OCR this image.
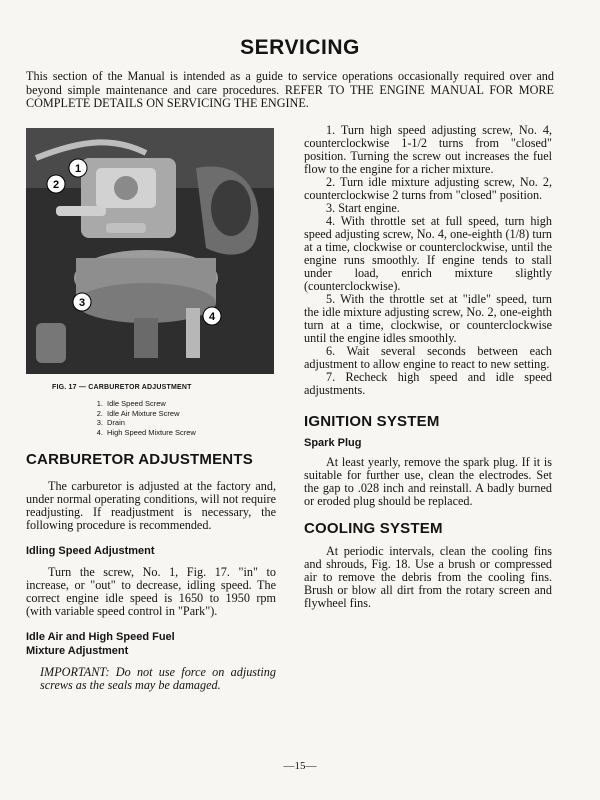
SERVICING
This section of the Manual is intended as a guide to service operations occasionally required over and beyond simple maintenance and care procedures. REFER TO THE ENGINE MANUAL FOR MORE COMPLETE DETAILS ON SERVICING THE ENGINE.
1
2
3
4
FIG. 17 — CARBURETOR ADJUSTMENT
1. Idle Speed Screw
2. Idle Air Mixture Screw
3. Drain
4. High Speed Mixture Screw
CARBURETOR ADJUSTMENTS

The carburetor is adjusted at the factory and, under normal operating conditions, will not require readjusting. If readjustment is necessary, the following procedure is recommended.

Idling Speed Adjustment

Turn the screw, No. 1, Fig. 17. "in" to increase, or "out" to decrease, idling speed. The correct engine idle speed is 1650 to 1950 rpm (with variable speed control in "Park").

Idle Air and High Speed Fuel Mixture Adjustment

IMPORTANT: Do not use force on adjusting screws as the seals may be damaged.

1. Turn high speed adjusting screw, No. 4, counterclockwise 1-1/2 turns from "closed" position. Turning the screw out increases the fuel flow to the engine for a richer mixture.

2. Turn idle mixture adjusting screw, No. 2, counterclockwise 2 turns from "closed" position.

3. Start engine.

4. With throttle set at full speed, turn high speed adjusting screw, No. 4, one-eighth (1/8) turn at a time, clockwise or counterclockwise, until the engine runs smoothly. If engine tends to stall under load, enrich mixture slightly (counterclockwise).

5. With the throttle set at "idle" speed, turn the idle mixture adjusting screw, No. 2, one-eighth turn at a time, clockwise, or counterclockwise until the engine idles smoothly.

6. Wait several seconds between each adjustment to allow engine to react to new setting.

7. Recheck high speed and idle speed adjustments.

IGNITION SYSTEM
Spark Plug

At least yearly, remove the spark plug. If it is suitable for further use, clean the electrodes. Set the gap to .028 inch and reinstall. A badly burned or eroded plug should be replaced.

COOLING SYSTEM

At periodic intervals, clean the cooling fins and shrouds, Fig. 18. Use a brush or compressed air to remove the debris from the cooling fins. Brush or blow all dirt from the rotary screen and flywheel fins.

—15—
